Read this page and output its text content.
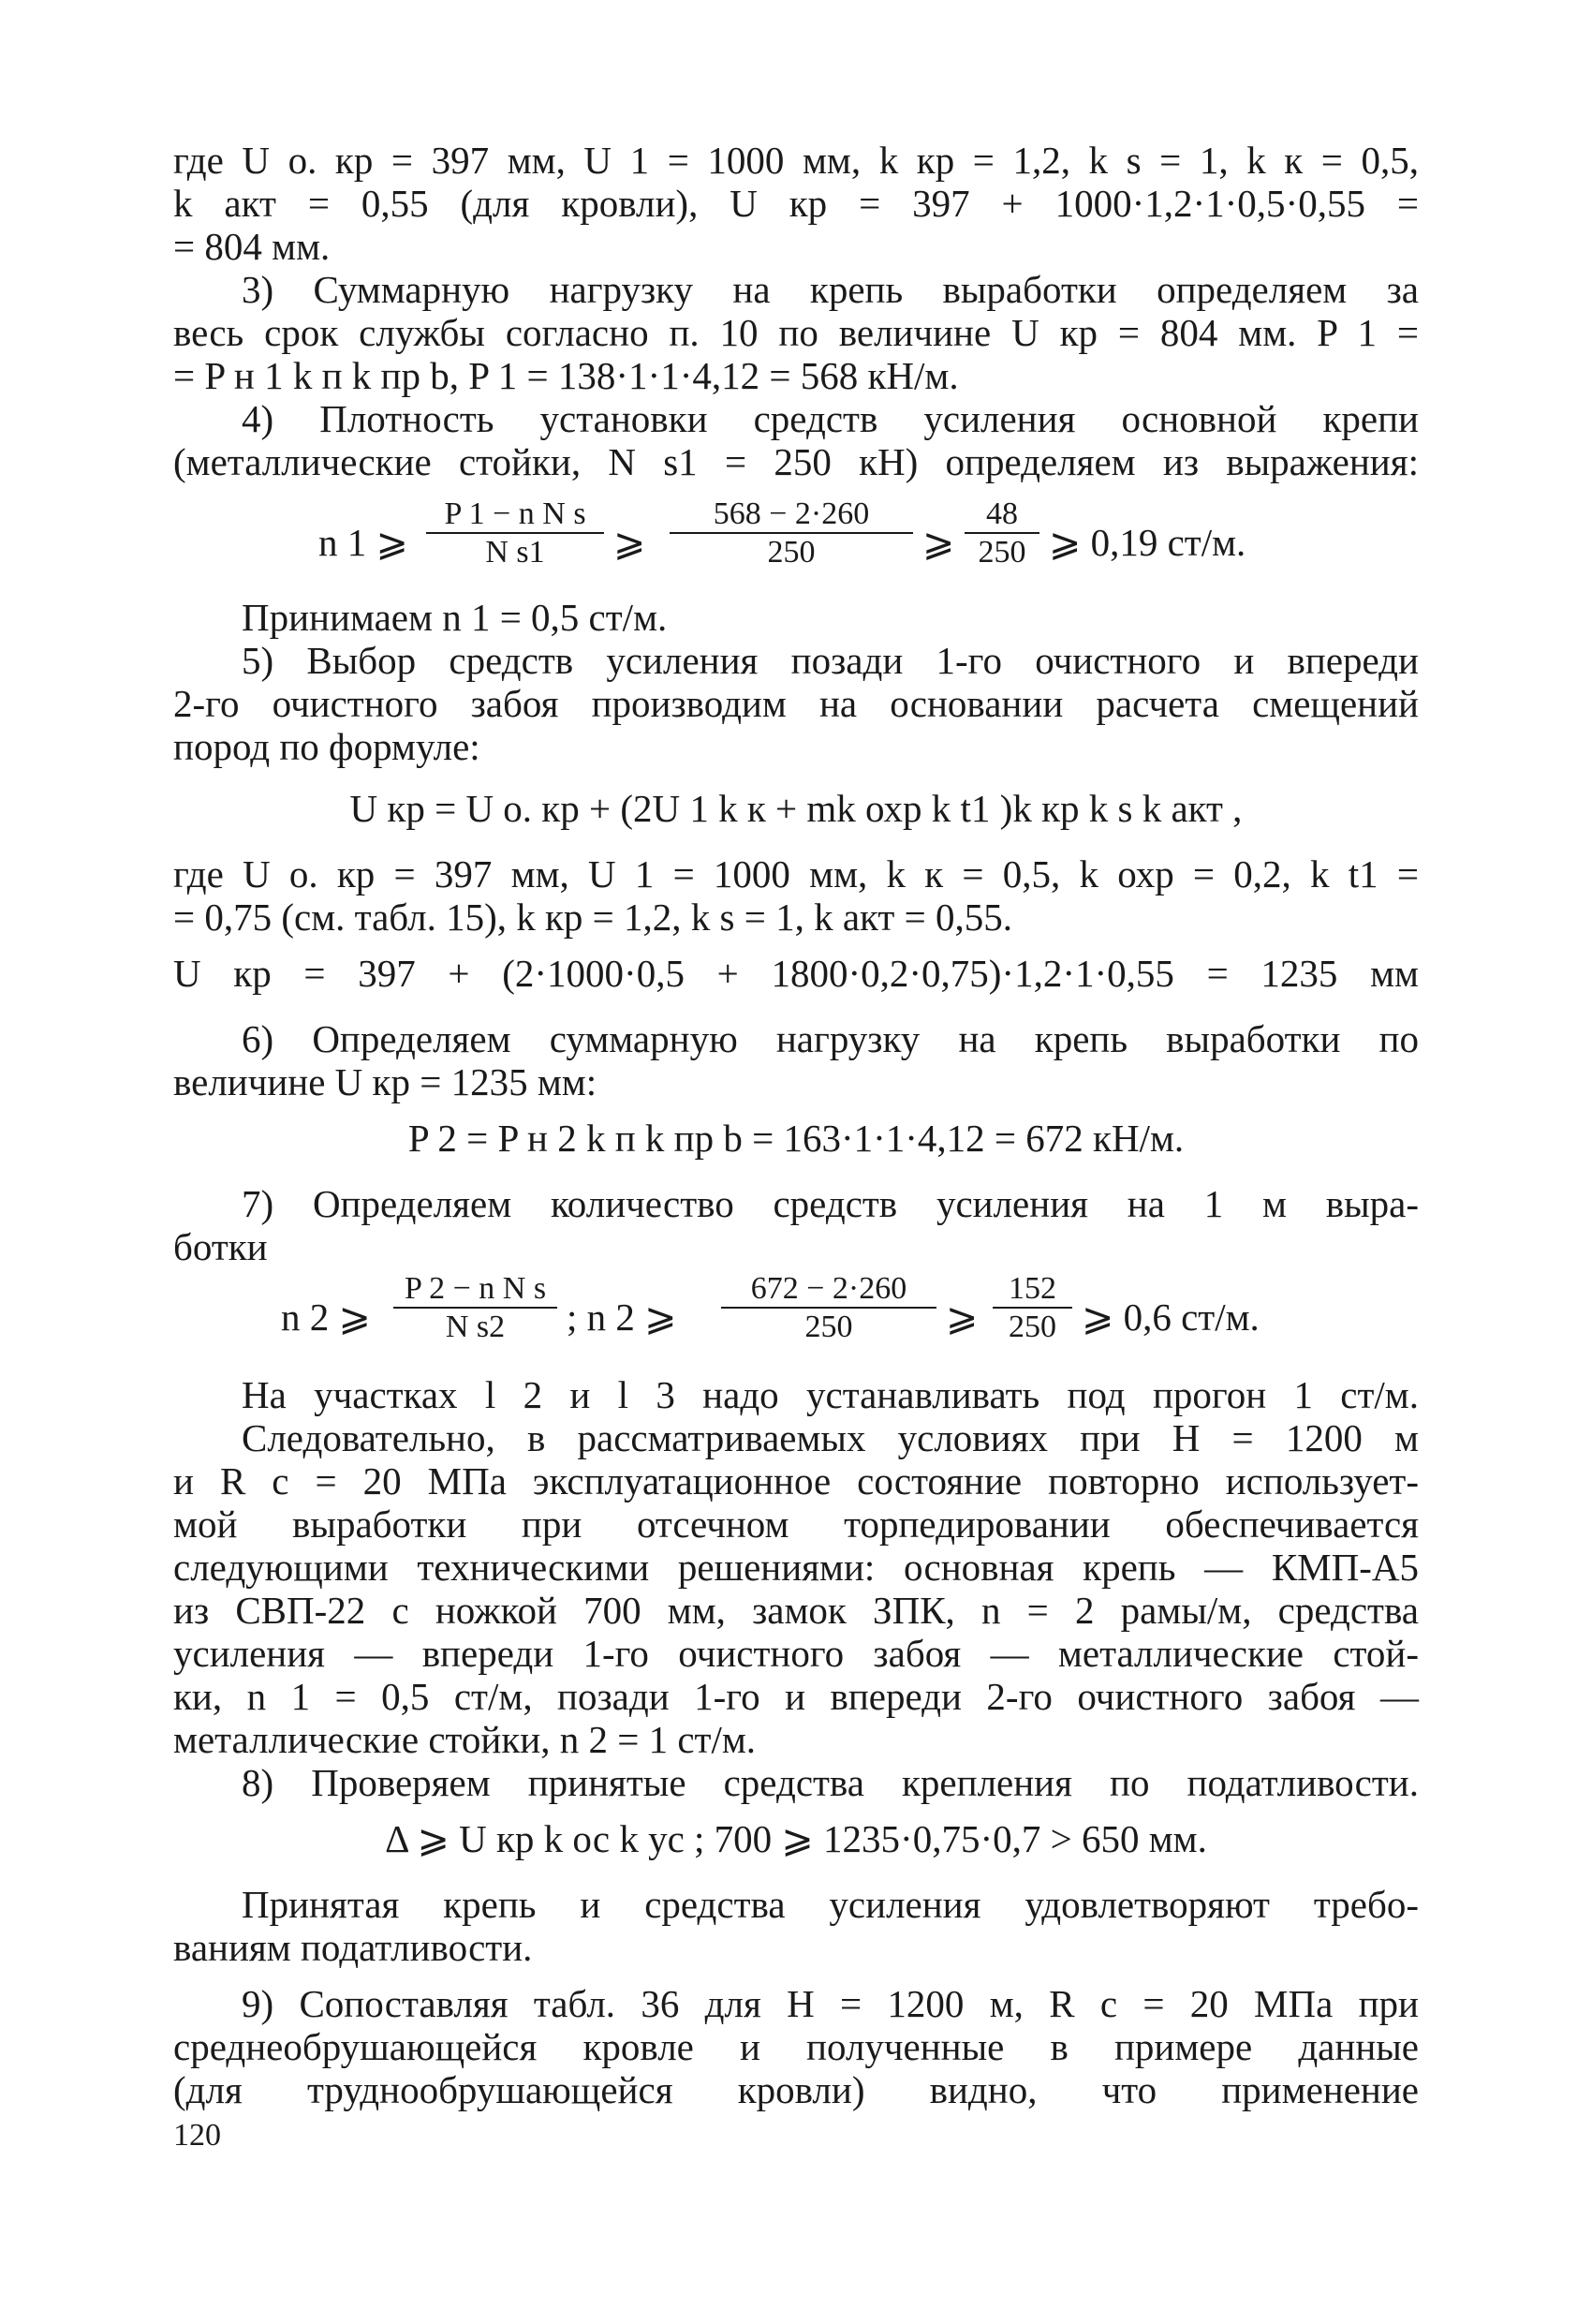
где U о. кр = 397 мм, U 1 = 1000 мм, k кр = 1,2, k s = 1, k к = 0,5,
k акт = 0,55 (для кровли), U кр = 397 + 1000·1,2·1·0,5·0,55 =
= 804 мм.
3) Суммарную нагрузку на крепь выработки определяем за
весь срок службы согласно п. 10 по величине U кр = 804 мм. P 1 =
= P н 1 k п k пр b, P 1 = 138·1·1·4,12 = 568 кН/м.
4) Плотность установки средств усиления основной крепи
(металлические стойки, N s1 = 250 кН) определяем из выражения:
n 1 ⩾ $\frac{\text{P 1 − n N s}}{\text{N s1}}$ ⩾ $\frac{568 - 2\cdot 260}{250}$ ⩾ $\frac{48}{250}$ ⩾ 0,19 ст/м.
Принимаем n 1 = 0,5 ст/м.
5) Выбор средств усиления позади 1-го очистного и впереди
2-го очистного забоя производим на основании расчета смещений
пород по формуле:
U кр = U о. кр + (2U 1 k к + mk охр k t1 )k кр k s k акт ,
где U о. кр = 397 мм, U 1 = 1000 мм, k к = 0,5, k охр = 0,2, k t1 =
= 0,75 (см. табл. 15), k кр = 1,2, k s = 1, k акт = 0,55.
U кр = 397 + (2·1000·0,5 + 1800·0,2·0,75)·1,2·1·0,55 = 1235 мм
6) Определяем суммарную нагрузку на крепь выработки по
величине U кр = 1235 мм:
P 2 = P н 2 k п k пр b = 163·1·1·4,12 = 672 кН/м.
7) Определяем количество средств усиления на 1 м выра-
ботки
n 2 ⩾ $\frac{\text{P 2 − n N s}}{\text{N s2}}$ ; n 2 ⩾ $\frac{672 - 2\cdot 260}{250}$ ⩾ $\frac{152}{250}$ ⩾ 0,6 ст/м.
На участках l 2 и l 3 надо устанавливать под прогон 1 ст/м.
Следовательно, в рассматриваемых условиях при H = 1200 м
и R c = 20 МПа эксплуатационное состояние повторно использует-
мой выработки при отсечном торпедировании обеспечивается
следующими техническими решениями: основная крепь — КМП-А5
из СВП-22 с ножкой 700 мм, замок ЗПК, n = 2 рамы/м, средства
усиления — впереди 1-го очистного забоя — металлические стой-
ки, n 1 = 0,5 ст/м, позади 1-го и впереди 2-го очистного забоя —
металлические стойки, n 2 = 1 ст/м.
8) Проверяем принятые средства крепления по податливости.
Δ ⩾ U кр k ос k ус ; 700 ⩾ 1235·0,75·0,7 > 650 мм.
Принятая крепь и средства усиления удовлетворяют требо-
ваниям податливости.
9) Сопоставляя табл. 36 для H = 1200 м, R c = 20 МПа при
среднеобрушающейся кровле и полученные в примере данные
(для труднообрушающейся кровли) видно, что применение
120
